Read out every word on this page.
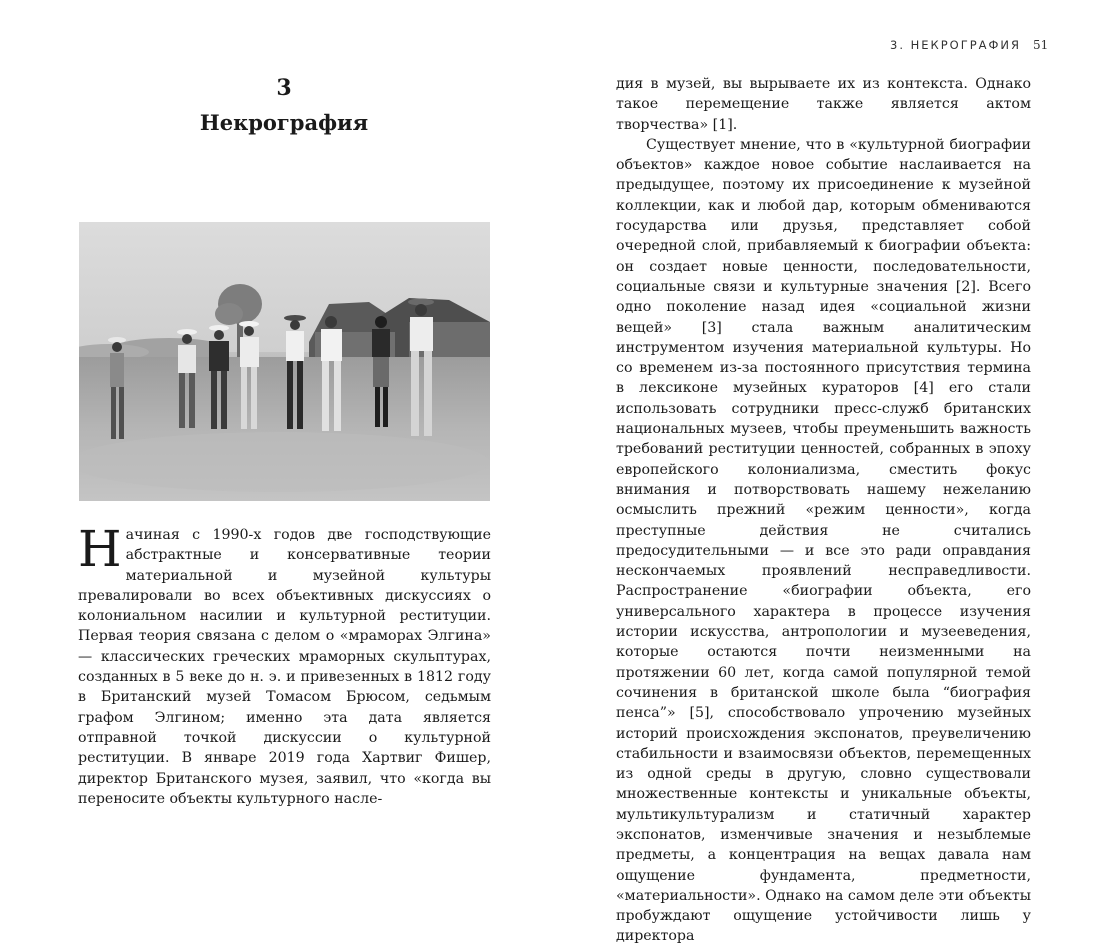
3
Некрография

Начиная с 1990-х годов две господствующие абстрактные и консервативные теории материальной и музейной культуры превалировали во всех объективных дискуссиях о колониальном насилии и культурной реституции. Первая теория связана с делом о «мраморах Элгина» — классических греческих мраморных скульптурах, созданных в 5 веке до н. э. и привезенных в 1812 году в Британский музей Томасом Брюсом, седьмым графом Элгином; именно эта дата является отправной точкой дискуссии о культурной реституции. В январе 2019 года Хартвиг Фишер, директор Британского музея, заявил, что «когда вы переносите объекты культурного насле-

3. НЕКРОГРАФИЯ 51

дия в музей, вы вырываете их из контекста. Однако такое перемещение также является актом творчества» [1].

Существует мнение, что в «культурной биографии объектов» каждое новое событие наслаивается на предыдущее, поэтому их присоединение к музейной коллекции, как и любой дар, которым обмениваются государства или друзья, представляет собой очередной слой, прибавляемый к биографии объекта: он создает новые ценности, последовательности, социальные связи и культурные значения [2]. Всего одно поколение назад идея «социальной жизни вещей» [3] стала важным аналитическим инструментом изучения материальной культуры. Но со временем из-за постоянного присутствия термина в лексиконе музейных кураторов [4] его стали использовать сотрудники пресс-служб британских национальных музеев, чтобы преуменьшить важность требований реституции ценностей, собранных в эпоху европейского колониализма, сместить фокус внимания и потворствовать нашему нежеланию осмыслить прежний «режим ценности», когда преступные действия не считались предосудительными — и все это ради оправдания нескончаемых проявлений несправедливости. Распространение «биографии объекта, его универсального характера в процессе изучения истории искусства, антропологии и музееведения, которые остаются почти неизменными на протяжении 60 лет, когда самой популярной темой сочинения в британской школе была “биография пенса”» [5], способствовало упрочению музейных историй происхождения экспонатов, преувеличению стабильности и взаимосвязи объектов, перемещенных из одной среды в другую, словно существовали множественные контексты и уникальные объекты, мультикультурализм и статичный характер экспонатов, изменчивые значения и незыблемые предметы, а концентрация на вещах давала нам ощущение фундамента, предметности, «материальности». Однако на самом деле эти объекты пробуждают ощущение устойчивости лишь у директора
